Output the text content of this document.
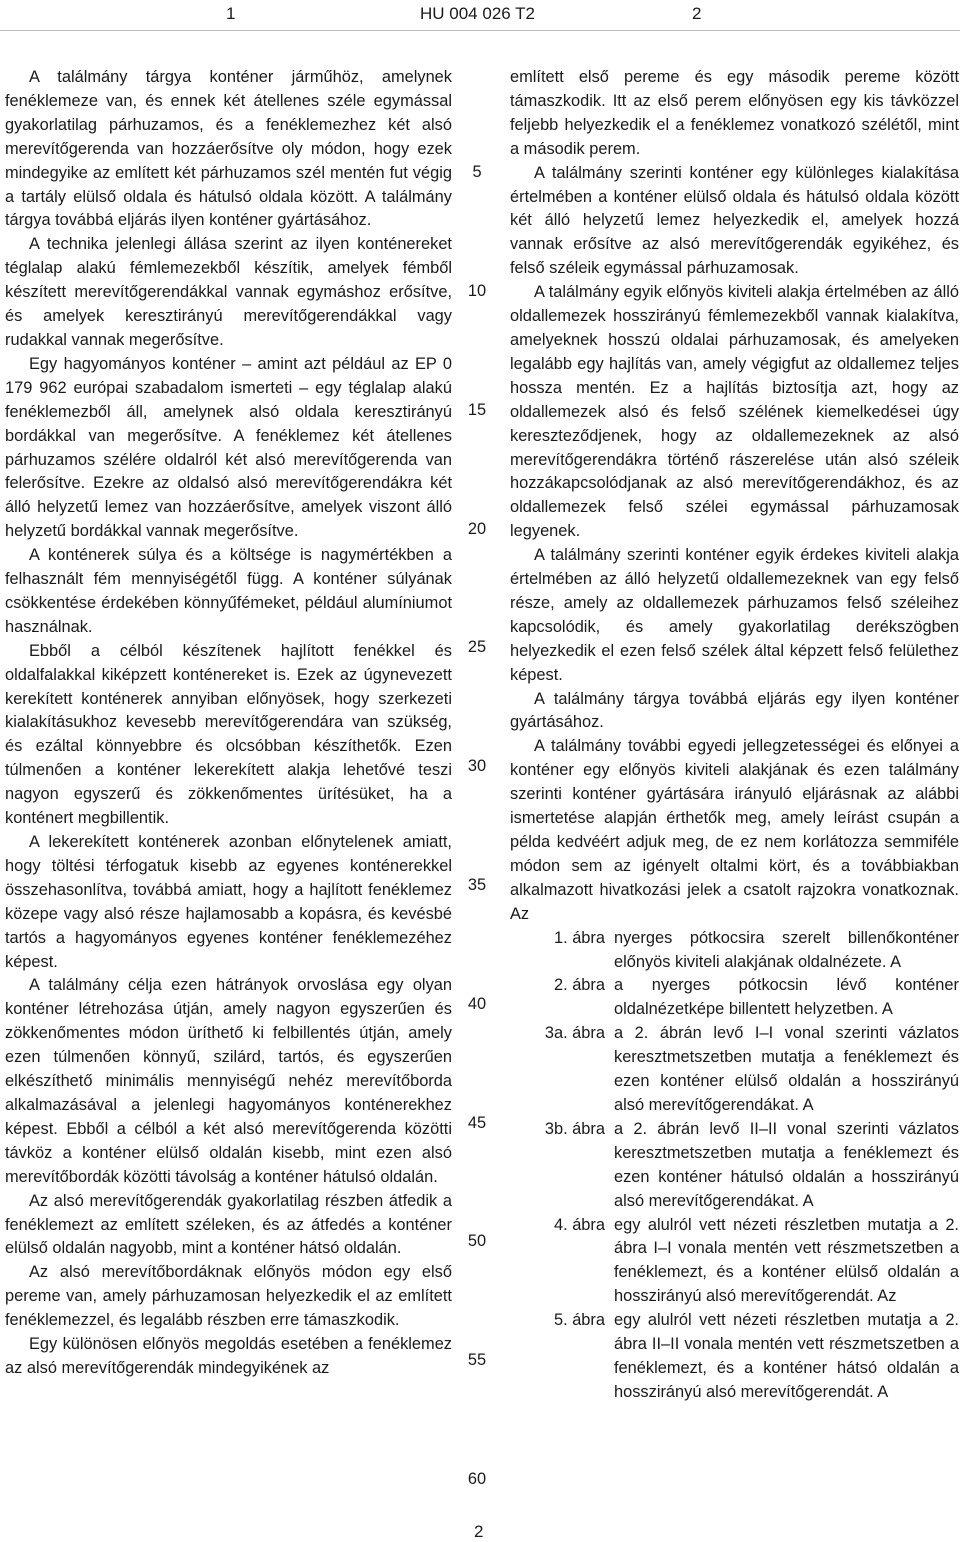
1	HU 004 026 T2	2

A találmány tárgya konténer járműhöz, amelynek fenéklemeze van, és ennek két átellenes széle egymással gyakorlatilag párhuzamos, és a fenéklemezhez két alsó merevítőgerenda van hozzáerősítve oly módon, hogy ezek mindegyike az említett két párhuzamos szél mentén fut végig a tartály elülső oldala és hátulsó oldala között. A találmány tárgya továbbá eljárás ilyen konténer gyártásához.

A technika jelenlegi állása szerint az ilyen konténereket téglalap alakú fémlemezekből készítik, amelyek fémből készített merevítőgerendákkal vannak egymáshoz erősítve, és amelyek keresztirányú merevítőgerendákkal vagy rudakkal vannak megerősítve.

Egy hagyományos konténer – amint azt például az EP 0 179 962 európai szabadalom ismerteti – egy téglalap alakú fenéklemezből áll, amelynek alsó oldala keresztirányú bordákkal van megerősítve. A fenéklemez két átellenes párhuzamos szélére oldalról két alsó merevítőgerenda van felerősítve. Ezekre az oldalsó alsó merevítőgerendákra két álló helyzetű lemez van hozzáerősítve, amelyek viszont álló helyzetű bordákkal vannak megerősítve.

A konténerek súlya és a költsége is nagymértékben a felhasznált fém mennyiségétől függ. A konténer súlyának csökkentése érdekében könnyűfémeket, például alumíniumot használnak.

Ebből a célból készítenek hajlított fenékkel és oldalfalakkal kiképzett konténereket is. Ezek az úgynevezett kerekített konténerek annyiban előnyösek, hogy szerkezeti kialakításukhoz kevesebb merevítőgerendára van szükség, és ezáltal könnyebbre és olcsóbban készíthetők. Ezen túlmenően a konténer lekerekített alakja lehetővé teszi nagyon egyszerű és zökkenőmentes ürítésüket, ha a konténert megbillentik.

A lekerekített konténerek azonban előnytelenek amiatt, hogy töltési térfogatuk kisebb az egyenes konténerekkel összehasonlítva, továbbá amiatt, hogy a hajlított fenéklemez közepe vagy alsó része hajlamosabb a kopásra, és kevésbé tartós a hagyományos egyenes konténer fenéklemezéhez képest.

A találmány célja ezen hátrányok orvoslása egy olyan konténer létrehozása útján, amely nagyon egyszerűen és zökkenőmentes módon üríthető ki felbillentés útján, amely ezen túlmenően könnyű, szilárd, tartós, és egyszerűen elkészíthető minimális mennyiségű nehéz merevítőborda alkalmazásával a jelenlegi hagyományos konténerekhez képest. Ebből a célból a két alsó merevítőgerenda közötti távköz a konténer elülső oldalán kisebb, mint ezen alsó merevítőbordák közötti távolság a konténer hátulsó oldalán.

Az alsó merevítőgerendák gyakorlatilag részben átfedik a fenéklemezt az említett széleken, és az átfedés a konténer elülső oldalán nagyobb, mint a konténer hátsó oldalán.

Az alsó merevítőbordáknak előnyös módon egy első pereme van, amely párhuzamosan helyezkedik el az említett fenéklemezzel, és legalább részben erre támaszkodik.

Egy különösen előnyös megoldás esetében a fenéklemez az alsó merevítőgerendák mindegyikének az

5
10
15
20
25
30
35
40
45
50
55
60

említett első pereme és egy második pereme között támaszkodik. Itt az első perem előnyösen egy kis távközzel feljebb helyezkedik el a fenéklemez vonatkozó szélétől, mint a második perem.

A találmány szerinti konténer egy különleges kialakítása értelmében a konténer elülső oldala és hátulsó oldala között két álló helyzetű lemez helyezkedik el, amelyek hozzá vannak erősítve az alsó merevítőgerendák egyikéhez, és felső széleik egymással párhuzamosak.

A találmány egyik előnyös kiviteli alakja értelmében az álló oldallemezek hosszirányú fémlemezekből vannak kialakítva, amelyeknek hosszú oldalai párhuzamosak, és amelyeken legalább egy hajlítás van, amely végigfut az oldallemez teljes hossza mentén. Ez a hajlítás biztosítja azt, hogy az oldallemezek alsó és felső szélének kiemelkedései úgy kereszteződjenek, hogy az oldallemezeknek az alsó merevítőgerendákra történő rászerelése után alsó széleik hozzákapcsolódjanak az alsó merevítőgerendákhoz, és az oldallemezek felső szélei egymással párhuzamosak legyenek.

A találmány szerinti konténer egyik érdekes kiviteli alakja értelmében az álló helyzetű oldallemezeknek van egy felső része, amely az oldallemezek párhuzamos felső széleihez kapcsolódik, és amely gyakorlatilag derékszögben helyezkedik el ezen felső szélek által képzett felső felülethez képest.

A találmány tárgya továbbá eljárás egy ilyen konténer gyártásához.

A találmány további egyedi jellegzetességei és előnyei a konténer egy előnyös kiviteli alakjának és ezen találmány szerinti konténer gyártására irányuló eljárásnak az alábbi ismertetése alapján érthetők meg, amely leírást csupán a példa kedvéért adjuk meg, de ez nem korlátozza semmiféle módon sem az igényelt oltalmi kört, és a továbbiakban alkalmazott hivatkozási jelek a csatolt rajzokra vonatkoznak. Az

1. ábra nyerges pótkocsira szerelt billenőkonténer előnyös kiviteli alakjának oldalnézete. A
2. ábra a nyerges pótkocsin lévő konténer oldalnézetképe billentett helyzetben. A
3a. ábra a 2. ábrán levő I–I vonal szerinti vázlatos keresztmetszetben mutatja a fenéklemezt és ezen konténer elülső oldalán a hosszirányú alsó merevítőgerendákat. A
3b. ábra a 2. ábrán levő II–II vonal szerinti vázlatos keresztmetszetben mutatja a fenéklemezt és ezen konténer hátulsó oldalán a hosszirányú alsó merevítőgerendákat. A
4. ábra egy alulról vett nézeti részletben mutatja a 2. ábra I–I vonala mentén vett részmetszetben a fenéklemezt, és a konténer elülső oldalán a hosszirányú alsó merevítőgerendát. Az
5. ábra egy alulról vett nézeti részletben mutatja a 2. ábra II–II vonala mentén vett részmetszetben a fenéklemezt, és a konténer hátsó oldalán a hosszirányú alsó merevítőgerendát. A
2
